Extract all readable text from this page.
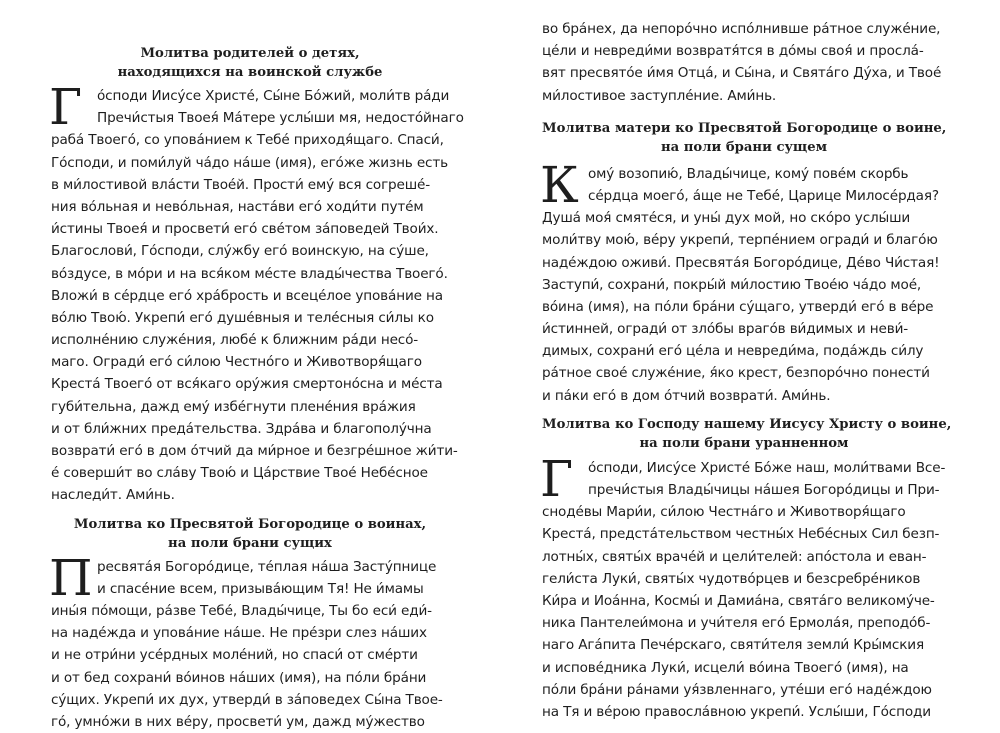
Молитва родителей о детях,
находящихся на воинской службе
Г	о́споди Иису́се Христе́, Сы́не Бо́жий, моли́тв ра́ди
Пречи́стыя Твоея́ Ма́тере услы́ши мя, недосто́йнаго
раба́ Твоего́, со упова́нием к Тебе́ приходя́щаго. Спаси́,
Го́споди, и поми́луй ча́до на́ше (имя), его́же жизнь есть
в ми́лостивой вла́сти Твое́й. Прости́ ему́ вся согреше́-
ния во́льная и нево́льная, наста́ви его́ ходи́ти путе́м
и́стины Твоея́ и просвети́ его́ све́том за́поведей Твои́х.
Благослови́, Го́споди, слу́жбу его́ воинскую, на су́ше,
во́здусе, в мо́ри и на вся́ком ме́сте влады́чества Твоего́.
Вложи́ в се́рдце его́ хра́брость и всеце́лое упова́ние на
во́лю Твою́. Укрепи́ его́ душе́вныя и теле́сныя си́лы ко
исполне́нию служе́ния, любе́ к ближним ра́ди несо́-
маго. Огради́ его́ си́лою Честно́го и Животворя́щаго
Креста́ Твоего́ от вся́каго ору́жия смертоно́сна и ме́ста
губи́тельна, дажд ему́ избе́гнути плене́ния вра́жия
и от бли́жних преда́тельства. Здра́ва и благополу́чна
возврати́ его́ в дом о́тчий да ми́рное и безгре́шное жи́ти-
е́ соверши́т во сла́ву Твою́ и Ца́рствие Твое́ Небе́сное
наследи́т. Ами́нь.
Молитва ко Пресвятой Богородице о воинах,
на поли брани сущих
П ресвята́я Богоро́дице, те́плая на́ша Засту́пнице
и спасе́ние всем, призыва́ющим Тя! Не и́мамы
ины́я по́мощи, ра́зве Тебе́, Влады́чице, Ты бо еси́ еди́-
на наде́жда и упова́ние на́ше. Не пре́зри слез на́ших
и не отри́ни усе́рдных моле́ний, но спаси́ от сме́рти
и от бед сохрани́ во́инов на́ших (имя), на по́ли бра́ни
су́щих. Укрепи́ их дух, утверди́ в за́поведех Сы́на Твое-
го́, умно́жи в них ве́ру, просвети́ ум, дажд му́жество
во бра́нех, да непоро́чно испо́лнивше ра́тное служе́ние,
це́ли и невреди́ми возвратя́тся в до́мы своя́ и просла́-
вят пресвято́е и́мя Отца́, и Сы́на, и Свята́го Ду́ха, и Твое́
ми́лостивое заступле́ние. Ами́нь.
Молитва матери ко Пресвятой Богородице о воине,
на поли брани сущем
К ому́ возопию́, Влады́чице, кому́ пове́м скорбь
се́рдца моего́, а́ще не Тебе́, Царице Милосе́рдая?
Душа́ моя́ смяте́ся, и уны́ дух мой, но ско́ро услы́ши
моли́тву мою́, ве́ру укрепи́, терпе́нием огради́ и благо́ю
наде́ждою оживи́. Пресвята́я Богоро́дице, Де́во Чи́стая!
Заступи́, сохрани́, покры́й ми́лостию Твое́ю ча́до мое́,
во́ина (имя), на по́ли бра́ни су́щаго, утверди́ его́ в ве́ре
и́стинней, огради́ от зло́бы враго́в ви́димых и неви́-
димых, сохрани́ его́ це́ла и невреди́ма, пода́ждь си́лу
ра́тное свое́ служе́ние, я́ко крест, безпоро́чно понести́
и па́ки его́ в дом о́тчий возврати́. Ами́нь.
Молитва ко Господу нашему Иисусу Христу о воине,
на поли брани уранненном
Г	о́споди, Иису́се Христе́ Бо́же наш, моли́твами Все-
пречи́стыя Влады́чицы на́шея Богоро́дицы и При-
снодéвы Мари́и, си́лою Честна́го и Животворя́щаго
Креста́, предста́тельством честны́х Небе́сных Сил безп-
лотны́х, святы́х враче́й и цели́телей: апо́стола и еван-
гели́ста Луки́, святы́х чудотво́рцев и безсребре́ников
Ки́ра и Иоа́нна, Космы́ и Дамиа́на, свята́го великому́че-
ника Пантелеи́мона и учи́теля его́ Ермола́я, преподо́б-
наго Ага́пита Пече́рскаго, святи́теля земли́ Кры́мския
и испове́дника Луки́, исцели́ во́ина Твоего́ (имя), на
по́ли бра́ни ра́нами уя́звленнаго, уте́ши его́ наде́ждою
на Тя и ве́рою правосла́вною укрепи́. Услы́ши, Го́споди
